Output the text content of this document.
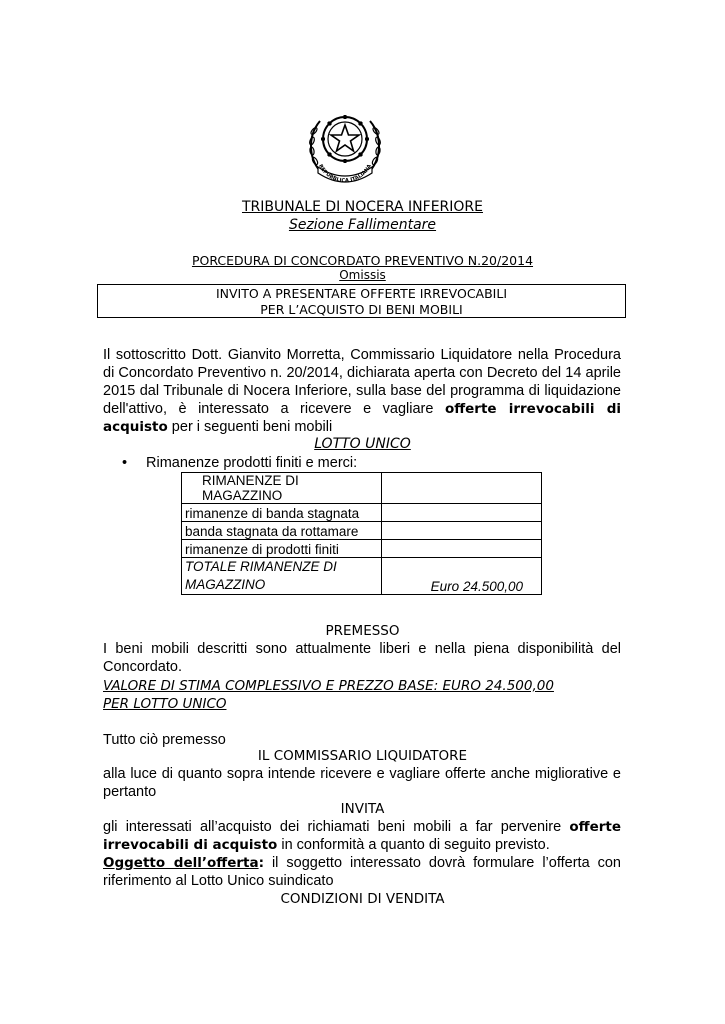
REPUBBLICA ITALIANA
TRIBUNALE DI NOCERA INFERIORE
Sezione Fallimentare
PORCEDURA DI CONCORDATO PREVENTIVO N.20/2014
Omissis
INVITO A PRESENTARE OFFERTE IRREVOCABILI
PER L’ACQUISTO DI BENI MOBILI
Il sottoscritto Dott. Gianvito Morretta, Commissario Liquidatore nella Procedura di Concordato Preventivo n. 20/2014, dichiarata aperta con Decreto del 14 aprile 2015 dal Tribunale di Nocera Inferiore, sulla base del programma di liquidazione dell'attivo, è interessato a ricevere e vagliare offerte irrevocabili di acquisto per i seguenti beni mobili
LOTTO UNICO
• Rimanenze prodotti finiti e merci:
RIMANENZE DI MAGAZZINO	
rimanenze di banda stagnata	
banda stagnata da rottamare	
rimanenze di prodotti finiti	

TOTALE RIMANENZE DI
MAGAZZINO	Euro 24.500,00
PREMESSO
I beni mobili descritti sono attualmente liberi e nella piena disponibilità del Concordato.
VALORE DI STIMA COMPLESSIVO E PREZZO BASE: EURO 24.500,00
PER LOTTO UNICO
Tutto ciò premesso
IL COMMISSARIO LIQUIDATORE
alla luce di quanto sopra intende ricevere e vagliare offerte anche migliorative e pertanto
INVITA
gli interessati all’acquisto dei richiamati beni mobili a far pervenire offerte irrevocabili di acquisto in conformità a quanto di seguito previsto.
Oggetto dell’offerta: il soggetto interessato dovrà formulare l’offerta con riferimento al Lotto Unico suindicato
CONDIZIONI DI VENDITA
